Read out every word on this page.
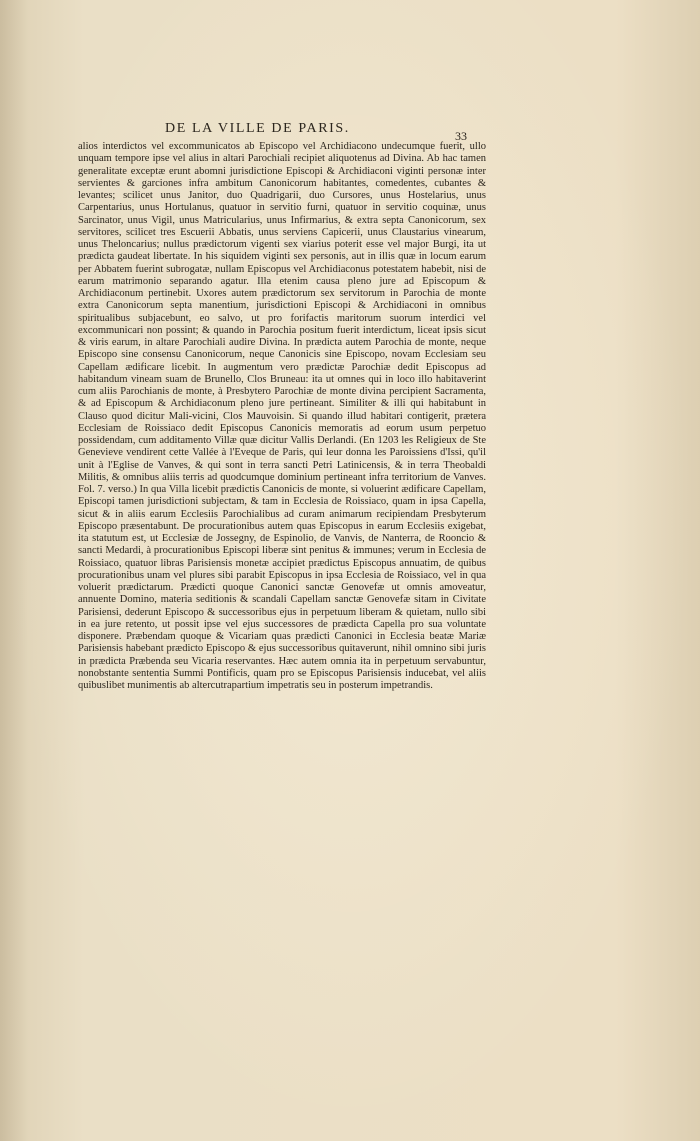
DE LA VILLE DE PARIS.	33

alios interdictos vel excommunicatos ab Episcopo vel Archidiacono undecumque fuerit, ullo unquam tempore ipse vel alius in altari Parochiali recipiet aliquotenus ad Divina. Ab hac tamen generalitate exceptæ erunt abomni jurisdictione Episcopi & Archidiaconi viginti personæ inter servientes & garciones infra ambitum Canonicorum habitantes, comedentes, cubantes & levantes; scilicet unus Janitor, duo Quadrigarii, duo Cursores, unus Hostelarius, unus Carpentarius, unus Hortulanus, quatuor in servitio furni, quatuor in servitio coquinæ, unus Sarcinator, unus Vigil, unus Matricularius, unus Infirmarius, & extra septa Canonicorum, sex servitores, scilicet tres Escuerii Abbatis, unus serviens Capicerii, unus Claustarius vinearum, unus Theloncarius; nullus prædictorum vigenti sex viarius poterit esse vel major Burgi, ita ut prædicta gaudeat libertate. In his siquidem viginti sex personis, aut in illis quæ in locum earum per Abbatem fuerint subrogatæ, nullam Episcopus vel Archidiaconus potestatem habebit, nisi de earum matrimonio separando agatur. Illa etenim causa pleno jure ad Episcopum & Archidiaconum pertinebit. Uxores autem prædictorum sex servitorum in Parochia de monte extra Canonicorum septa manentium, jurisdictioni Episcopi & Archidiaconi in omnibus spiritualibus subjacebunt, eo salvo, ut pro forifactis maritorum suorum interdici vel excommunicari non possint; & quando in Parochia positum fuerit interdictum, liceat ipsis sicut & viris earum, in altare Parochiali audire Divina. In prædicta autem Parochia de monte, neque Episcopo sine consensu Canonicorum, neque Canonicis sine Episcopo, novam Ecclesiam seu Capellam ædificare licebit. In augmentum vero prædictæ Parochiæ dedit Episcopus ad habitandum vineam suam de Brunello, Clos Bruneau: ita ut omnes qui in loco illo habitaverint cum aliis Parochianis de monte, à Presbytero Parochiæ de monte divina percipient Sacramenta, & ad Episcopum & Archidiaconum pleno jure pertineant. Similiter & illi qui habitabunt in Clauso quod dicitur Mali-vicini, Clos Mauvoisin. Si quando illud habitari contigerit, prætera Ecclesiam de Roissiaco dedit Episcopus Canonicis memoratis ad eorum usum perpetuo possidendam, cum additamento Villæ quæ dicitur Vallis Derlandi. (En 1203 les Religieux de Ste Genevieve vendirent cette Vallée à l'Eveque de Paris, qui leur donna les Paroissiens d'Issi, qu'il unit à l'Eglise de Vanves, & qui sont in terra sancti Petri Latinicensis, & in terra Theobaldi Militis, & omnibus aliis terris ad quodcumque dominium pertineant infra territorium de Vanves. Fol. 7. verso.) In qua Villa licebit prædictis Canonicis de monte, si voluerint ædificare Capellam, Episcopi tamen jurisdictioni subjectam, & tam in Ecclesia de Roissiaco, quam in ipsa Capella, sicut & in aliis earum Ecclesiis Parochialibus ad curam animarum recipiendam Presbyterum Episcopo præsentabunt. De procurationibus autem quas Episcopus in earum Ecclesiis exigebat, ita statutum est, ut Ecclesiæ de Jossegny, de Espinolio, de Vanvis, de Nanterra, de Rooncio & sancti Medardi, à procurationibus Episcopi liberæ sint penitus & immunes; verum in Ecclesia de Roissiaco, quatuor libras Parisiensis monetæ accipiet prædictus Episcopus annuatim, de quibus procurationibus unam vel plures sibi parabit Episcopus in ipsa Ecclesia de Roissiaco, vel in qua voluerit prædictarum. Prædicti quoque Canonici sanctæ Genovefæ ut omnis amoveatur, annuente Domino, materia seditionis & scandali Capellam sanctæ Genovefæ sitam in Civitate Parisiensi, dederunt Episcopo & successoribus ejus in perpetuum liberam & quietam, nullo sibi in ea jure retento, ut possit ipse vel ejus successores de prædicta Capella pro sua voluntate disponere. Præbendam quoque & Vicariam quas prædicti Canonici in Ecclesia beatæ Mariæ Parisiensis habebant prædicto Episcopo & ejus successoribus quitaverunt, nihil omnino sibi juris in prædicta Præbenda seu Vicaria reservantes. Hæc autem omnia ita in perpetuum servabuntur, nonobstante sententia Summi Pontificis, quam pro se Episcopus Parisiensis inducebat, vel aliis quibuslibet munimentis ab altercutrapartium impetratis seu in posterum impetrandis.
